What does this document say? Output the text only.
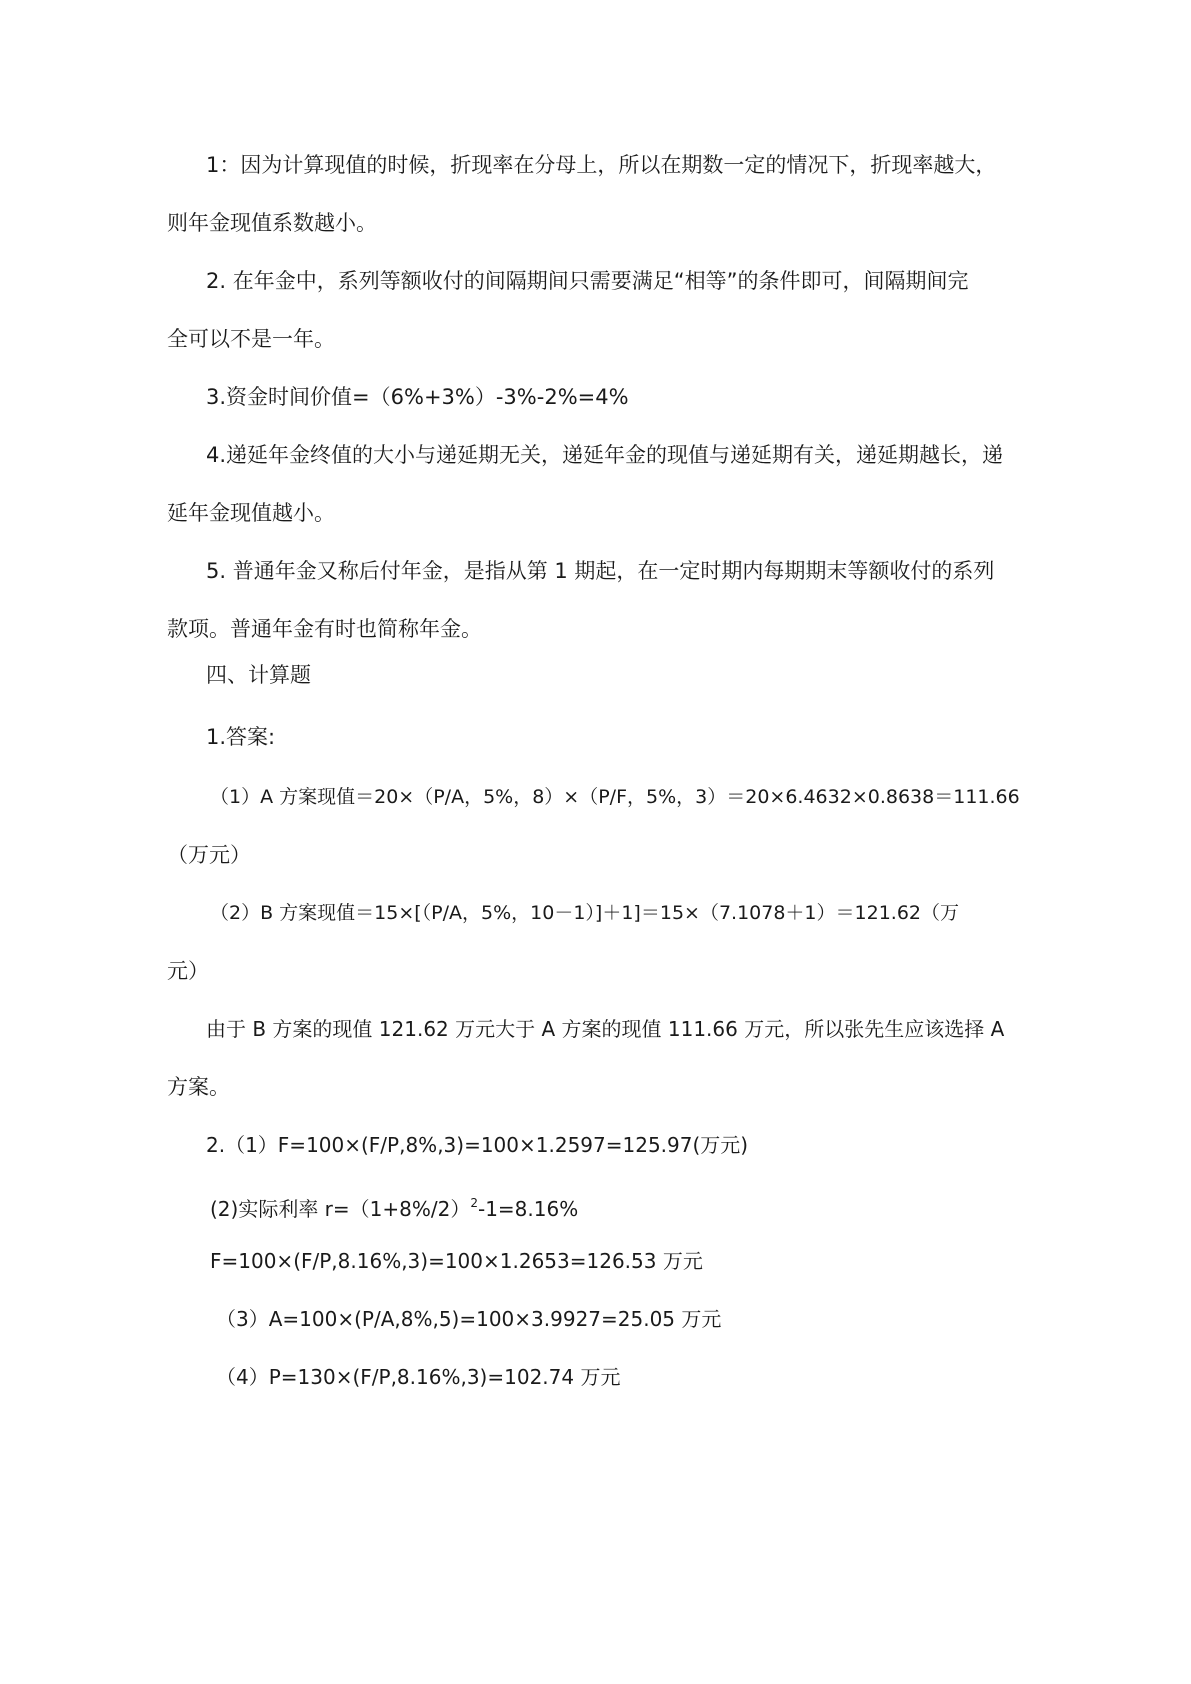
1：因为计算现值的时候，折现率在分母上，所以在期数一定的情况下，折现率越大，
则年金现值系数越小。
2. 在年金中，系列等额收付的间隔期间只需要满足“相等”的条件即可，间隔期间完
全可以不是一年。
3.资金时间价值=（6%+3%）-3%-2%=4%
4.递延年金终值的大小与递延期无关，递延年金的现值与递延期有关，递延期越长，递
延年金现值越小。
5. 普通年金又称后付年金，是指从第 1 期起，在一定时期内每期期末等额收付的系列
款项。普通年金有时也简称年金。
四、计算题
1.答案:
（1）A 方案现值＝20×（P/A，5%，8）×（P/F，5%，3）＝20×6.4632×0.8638＝111.66
（万元）
（2）B 方案现值＝15×[（P/A，5%，10－1）]＋1]＝15×（7.1078＋1）＝121.62（万
元）
由于 B 方案的现值 121.62 万元大于 A 方案的现值 111.66 万元，所以张先生应该选择 A
方案。
2.（1）F=100×(F/P,8%,3)=100×1.2597=125.97(万元)
(2)实际利率 $r=(1+8\%/2)^2-1=8.16\%$
F=100×(F/P,8.16%,3)=100×1.2653=126.53 万元
（3）A=100×(P/A,8%,5)=100×3.9927=25.05 万元
（4）P=130×(F/P,8.16%,3)=102.74 万元
